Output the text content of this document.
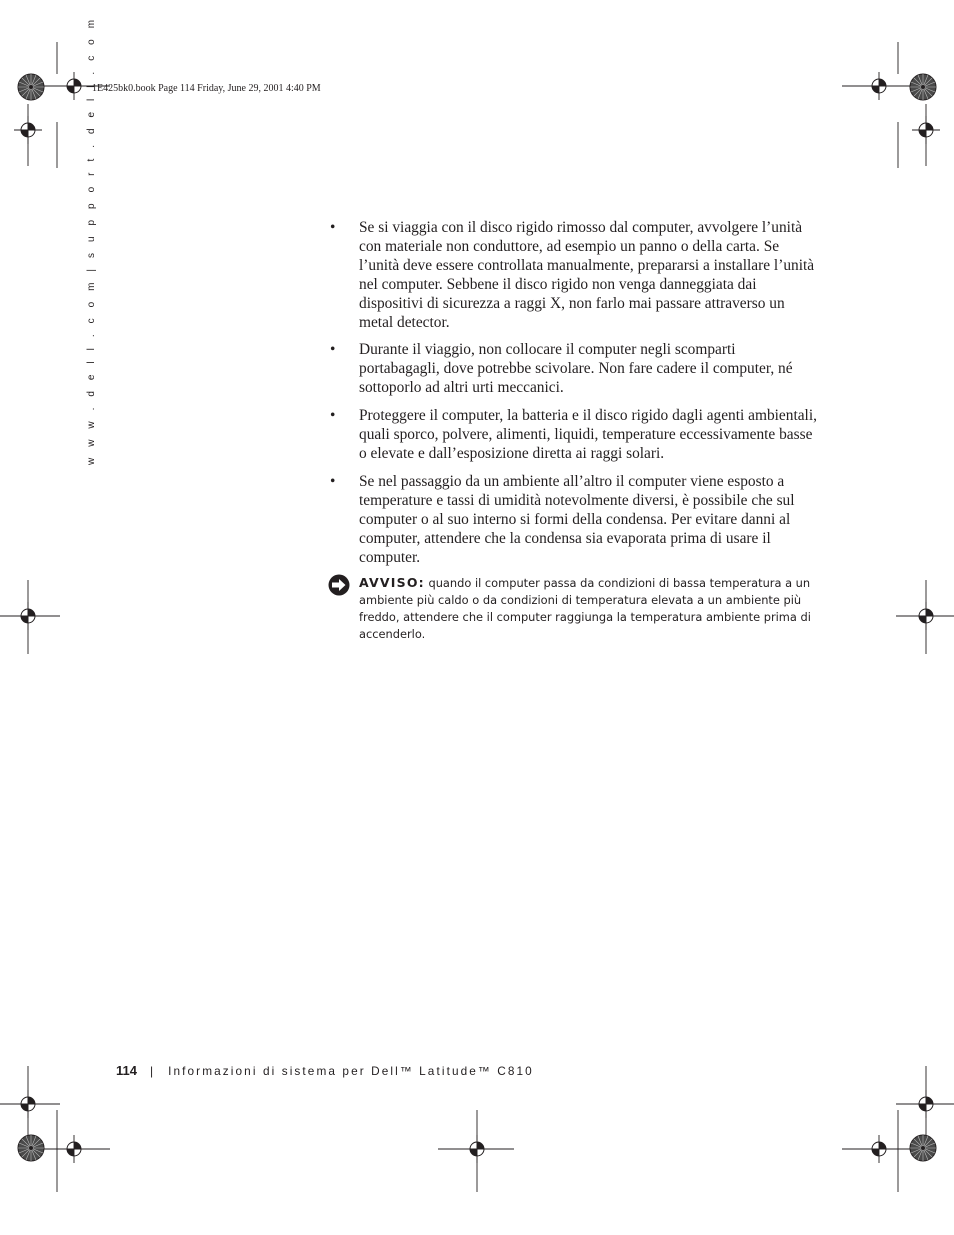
1E425bk0.book Page 114 Friday, June 29, 2001 4:40 PM
w w w . d e l l . c o m | s u p p o r t . d e l l . c o m	• Se si viaggia con il disco rigido rimosso dal computer, avvolgere l’unità con materiale non conduttore, ad esempio un panno o della carta. Se l’unità deve essere controllata manualmente, prepararsi a installare l’unità nel computer. Sebbene il disco rigido non venga danneggiata dai dispositivi di sicurezza a raggi X, non farlo mai passare attraverso un metal detector.
• Durante il viaggio, non collocare il computer negli scomparti portabagagli, dove potrebbe scivolare. Non fare cadere il computer, né sottoporlo ad altri urti meccanici.
• Proteggere il computer, la batteria e il disco rigido dagli agenti ambientali, quali sporco, polvere, alimenti, liquidi, temperature eccessivamente basse o elevate e dall’esposizione diretta ai raggi solari.
• Se nel passaggio da un ambiente all’altro il computer viene esposto a temperature e tassi di umidità notevolmente diversi, è possibile che sul computer o al suo interno si formi della condensa. Per evitare danni al computer, attendere che la condensa sia evaporata prima di usare il computer.
AVVISO: quando il computer passa da condizioni di bassa temperatura a un ambiente più caldo o da condizioni di temperatura elevata a un ambiente più freddo, attendere che il computer raggiunga la temperatura ambiente prima di accenderlo.
114 | Informazioni di sistema per Dell™ Latitude™ C810
